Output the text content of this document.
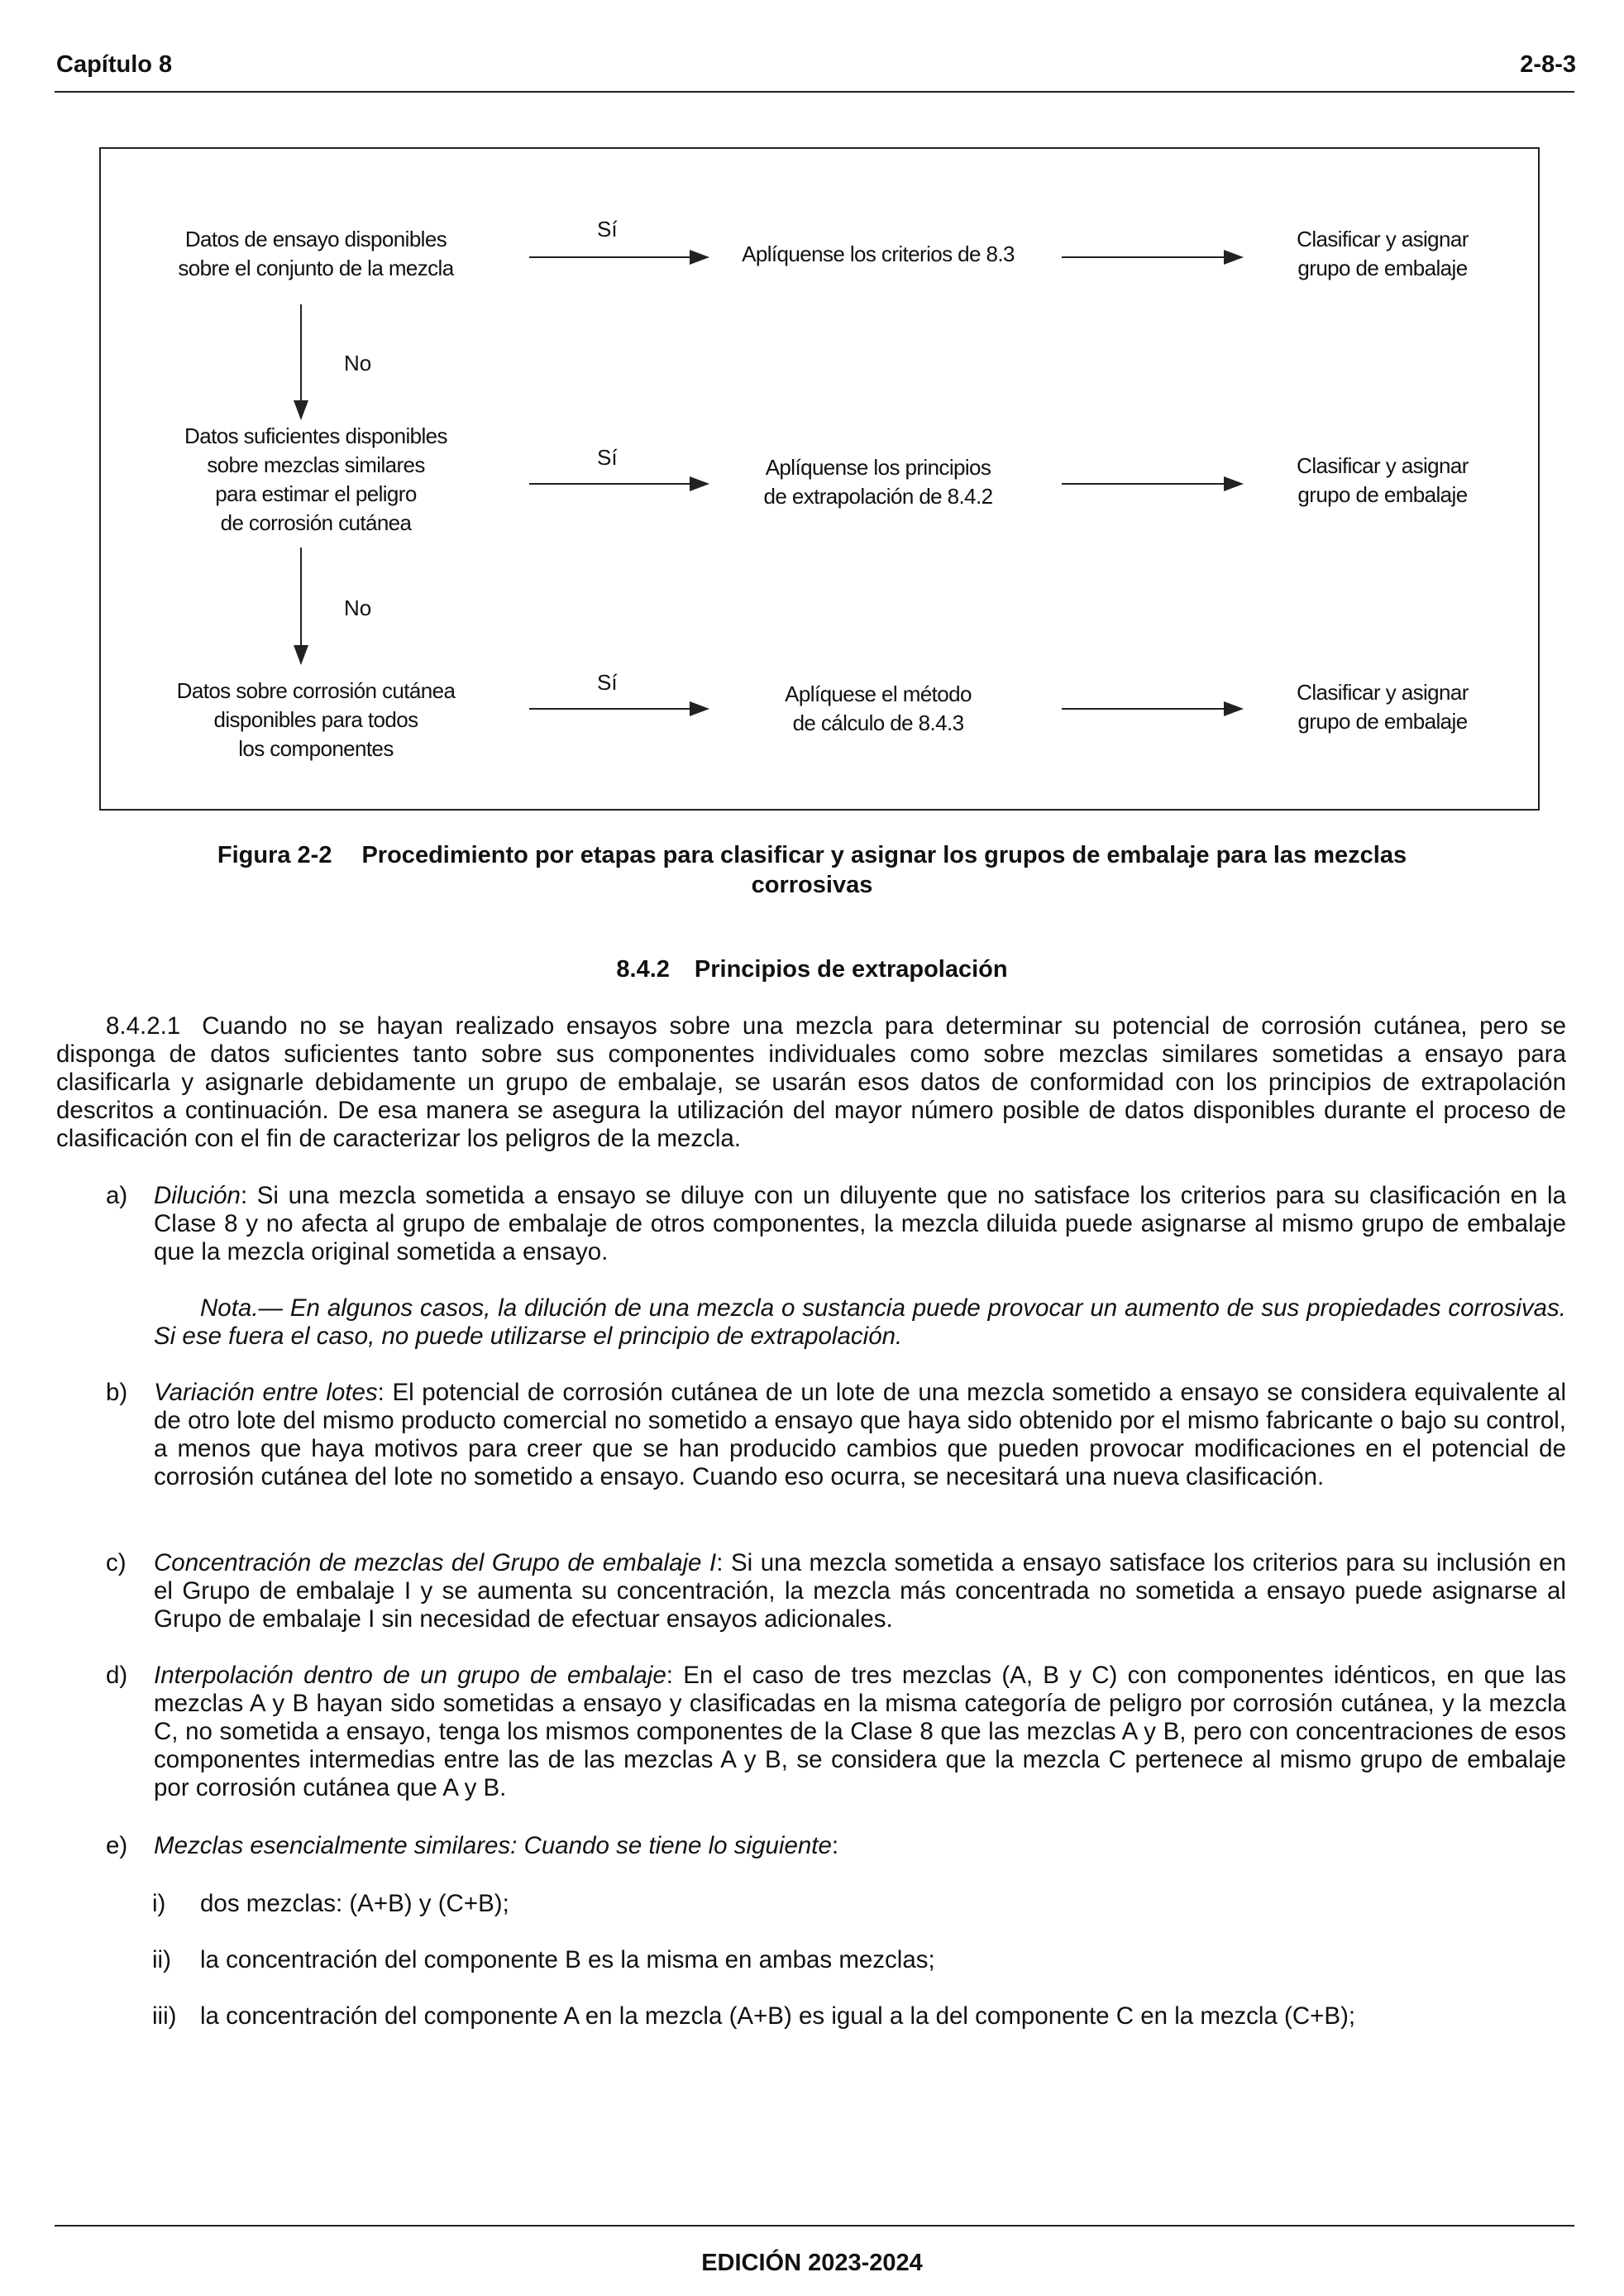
Capítulo 8	2-8-3
Datos de ensayo disponibles
sobre el conjunto de la mezcla
Sí
Aplíquense los criterios de 8.3
Clasificar y asignar
grupo de embalaje
No
Datos suficientes disponibles
sobre mezclas similares
para estimar el peligro
de corrosión cutánea
Sí	Aplíquense los principios
de extrapolación de 8.4.2
Clasificar y asignar
grupo de embalaje
No
Datos sobre corrosión cutánea
disponibles para todos
los componentes
Sí	Aplíquese el método
de cálculo de 8.4.3
Clasificar y asignar
grupo de embalaje
Figura 2-2 Procedimiento por etapas para clasificar y asignar los grupos de embalaje para las mezclas corrosivas
8.4.2 Principios de extrapolación
8.4.2.1 Cuando no se hayan realizado ensayos sobre una mezcla para determinar su potencial de corrosión cutánea, pero se disponga de datos suficientes tanto sobre sus componentes individuales como sobre mezclas similares sometidas a ensayo para clasificarla y asignarle debidamente un grupo de embalaje, se usarán esos datos de conformidad con los principios de extrapolación descritos a continuación. De esa manera se asegura la utilización del mayor número posible de datos disponibles durante el proceso de clasificación con el fin de caracterizar los peligros de la mezcla.
a) Dilución: Si una mezcla sometida a ensayo se diluye con un diluyente que no satisface los criterios para su clasificación en la Clase 8 y no afecta al grupo de embalaje de otros componentes, la mezcla diluida puede asignarse al mismo grupo de embalaje que la mezcla original sometida a ensayo.
Nota.— En algunos casos, la dilución de una mezcla o sustancia puede provocar un aumento de sus propiedades corrosivas. Si ese fuera el caso, no puede utilizarse el principio de extrapolación.
b) Variación entre lotes: El potencial de corrosión cutánea de un lote de una mezcla sometido a ensayo se considera equivalente al de otro lote del mismo producto comercial no sometido a ensayo que haya sido obtenido por el mismo fabricante o bajo su control, a menos que haya motivos para creer que se han producido cambios que pueden provocar modificaciones en el potencial de corrosión cutánea del lote no sometido a ensayo. Cuando eso ocurra, se necesitará una nueva clasificación.
c) Concentración de mezclas del Grupo de embalaje I: Si una mezcla sometida a ensayo satisface los criterios para su inclusión en el Grupo de embalaje I y se aumenta su concentración, la mezcla más concentrada no sometida a ensayo puede asignarse al Grupo de embalaje I sin necesidad de efectuar ensayos adicionales.
d) Interpolación dentro de un grupo de embalaje: En el caso de tres mezclas (A, B y C) con componentes idénticos, en que las mezclas A y B hayan sido sometidas a ensayo y clasificadas en la misma categoría de peligro por corrosión cutánea, y la mezcla C, no sometida a ensayo, tenga los mismos componentes de la Clase 8 que las mezclas A y B, pero con concentraciones de esos componentes intermedias entre las de las mezclas A y B, se considera que la mezcla C pertenece al mismo grupo de embalaje por corrosión cutánea que A y B.
e) Mezclas esencialmente similares: Cuando se tiene lo siguiente:
i) dos mezclas: (A+B) y (C+B);
ii) la concentración del componente B es la misma en ambas mezclas;
iii) la concentración del componente A en la mezcla (A+B) es igual a la del componente C en la mezcla (C+B);
EDICIÓN 2023-2024
